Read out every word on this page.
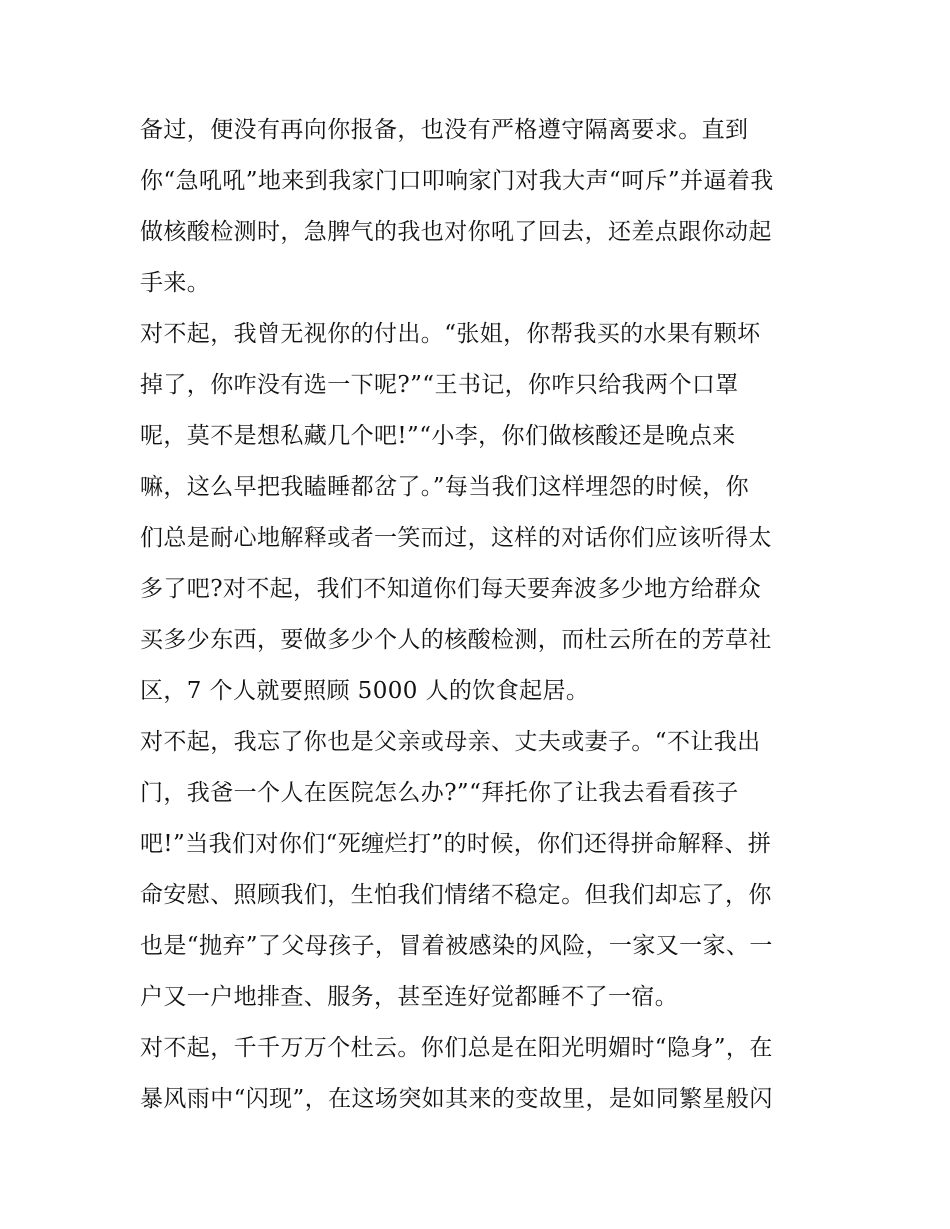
备过，便没有再向你报备，也没有严格遵守隔离要求。直到
你“急吼吼”地来到我家门口叩响家门对我大声“呵斥”并逼着我
做核酸检测时，急脾气的我也对你吼了回去，还差点跟你动起
手来。
对不起，我曾无视你的付出。“张姐，你帮我买的水果有颗坏
掉了，你咋没有选一下呢?”“王书记，你咋只给我两个口罩
呢，莫不是想私藏几个吧!”“小李，你们做核酸还是晚点来
嘛，这么早把我瞌睡都岔了。”每当我们这样埋怨的时候，你
们总是耐心地解释或者一笑而过，这样的对话你们应该听得太
多了吧?对不起，我们不知道你们每天要奔波多少地方给群众
买多少东西，要做多少个人的核酸检测，而杜云所在的芳草社
区，7 个人就要照顾 5000 人的饮食起居。
对不起，我忘了你也是父亲或母亲、丈夫或妻子。“不让我出
门，我爸一个人在医院怎么办?”“拜托你了让我去看看孩子
吧!”当我们对你们“死缠烂打”的时候，你们还得拼命解释、拼
命安慰、照顾我们，生怕我们情绪不稳定。但我们却忘了，你
也是“抛弃”了父母孩子，冒着被感染的风险，一家又一家、一
户又一户地排查、服务，甚至连好觉都睡不了一宿。
对不起，千千万万个杜云。你们总是在阳光明媚时“隐身”，在
暴风雨中“闪现”，在这场突如其来的变故里，是如同繁星般闪
